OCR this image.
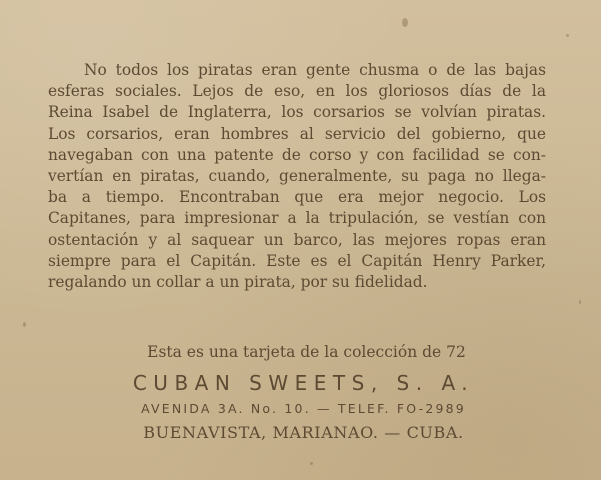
No todos los piratas eran gente chusma o de las bajas
esferas sociales. Lejos de eso, en los gloriosos días de la
Reina Isabel de Inglaterra, los corsarios se volvían piratas.
Los corsarios, eran hombres al servicio del gobierno, que
navegaban con una patente de corso y con facilidad se con-
vertían en piratas, cuando, generalmente, su paga no llega-
ba a tiempo. Encontraban que era mejor negocio. Los
Capitanes, para impresionar a la tripulación, se vestían con
ostentación y al saquear un barco, las mejores ropas eran
siempre para el Capitán. Este es el Capitán Henry Parker,
regalando un collar a un pirata, por su fidelidad.

Esta es una tarjeta de la colección de 72

CUBAN SWEETS, S. A.

AVENIDA 3A. No. 10. — TELEF. FO-2989

BUENAVISTA, MARIANAO. — CUBA.
